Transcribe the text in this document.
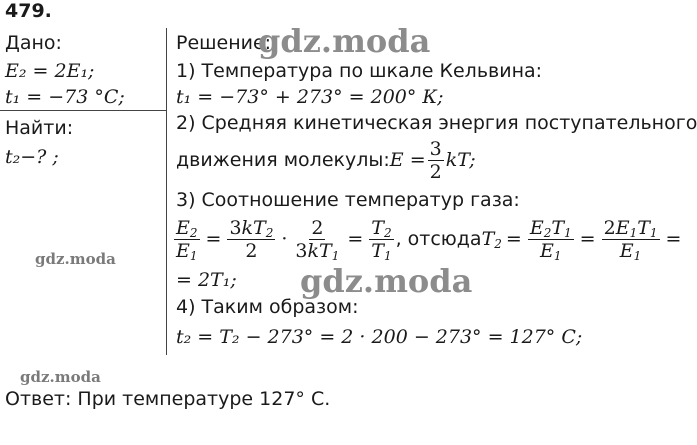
479.
Дано:
E₂ = 2E₁;
t₁ = −73 °C;
Найти:
t₂−? ;
Решение:
1) Температура по шкале Кельвина:
t₁ = −73° + 273° = 200° К;
2) Средняя кинетическая энергия поступательного
движения молекулы: $E = \frac{3}{2}$ kT;
3) Соотношение температур газа:
$\frac{E_2}{E_1} = \frac{3kT_2}{2} \cdot \frac{2}{3kT_1} = \frac{T_2}{T_1}$ , отсюда $T_2 = \frac{E_2T_1}{E_1} = \frac{2E_1T_1}{E_1}$ =
= 2T₁;
4) Таким образом:
t₂ = T₂ − 273° = 2 · 200 − 273° = 127° C;
Ответ: При температуре 127° C.
gdz.moda
gdz.moda
gdz.moda
gdz.moda
